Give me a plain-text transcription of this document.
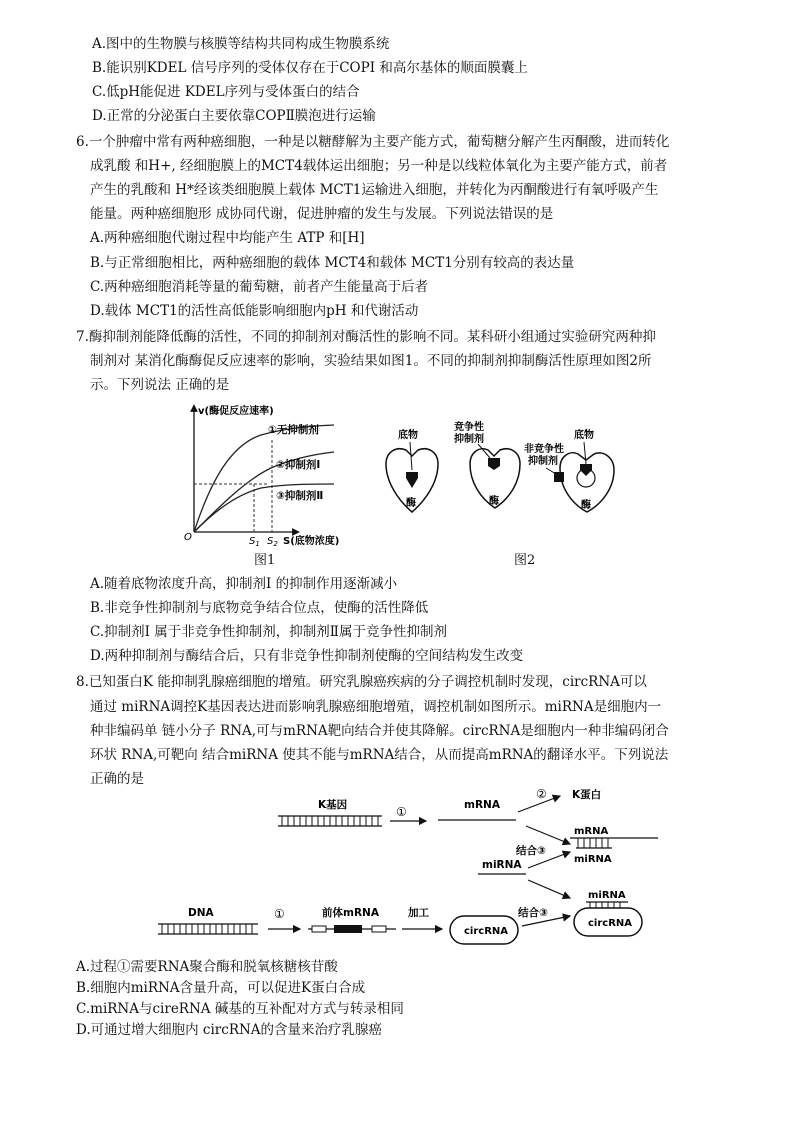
A.图中的生物膜与核膜等结构共同构成生物膜系统
B.能识别KDEL 信号序列的受体仅存在于COPⅠ 和高尔基体的顺面膜囊上
C.低pH能促进 KDEL序列与受体蛋白的结合
D.正常的分泌蛋白主要依靠COPⅡ膜泡进行运输
6.一个肿瘤中常有两种癌细胞，一种是以糖酵解为主要产能方式，葡萄糖分解产生丙酮酸，进而转化
成乳酸 和H+, 经细胞膜上的MCT4载体运出细胞；另一种是以线粒体氧化为主要产能方式，前者
产生的乳酸和 H*经该类细胞膜上载体 MCT1运输进入细胞，并转化为丙酮酸进行有氧呼吸产生
能量。两种癌细胞形 成协同代谢，促进肿瘤的发生与发展。下列说法错误的是
A.两种癌细胞代谢过程中均能产生 ATP 和[H]
B.与正常细胞相比，两种癌细胞的载体 MCT4和载体 MCT1分别有较高的表达量
C.两种癌细胞消耗等量的葡萄糖，前者产生能量高于后者
D.载体 MCT1的活性高低能影响细胞内pH 和代谢活动
7.酶抑制剂能降低酶的活性，不同的抑制剂对酶活性的影响不同。某科研小组通过实验研究两种抑
制剂对 某消化酶酶促反应速率的影响，实验结果如图1。不同的抑制剂抑制酶活性原理如图2所
示。下列说法 正确的是
v(酶促反应速率)
①无抑制剂
②抑制剂Ⅰ
③抑制剂Ⅱ
O	$S_1$ $S_2$ S(底物浓度)
图1
底物
酶
竞争性
抑制剂
酶
非竞争性
抑制剂
底物
酶
图2
A.随着底物浓度升高，抑制剂I 的抑制作用逐渐减小
B.非竞争性抑制剂与底物竞争结合位点，使酶的活性降低
C.抑制剂I 属于非竞争性抑制剂，抑制剂Ⅱ属于竞争性抑制剂
D.两种抑制剂与酶结合后，只有非竞争性抑制剂使酶的空间结构发生改变
8.已知蛋白K 能抑制乳腺癌细胞的增殖。研究乳腺癌疾病的分子调控机制时发现，circRNA可以
通过 miRNA调控K基因表达进而影响乳腺癌细胞增殖，调控机制如图所示。miRNA是细胞内一
种非编码单 链小分子 RNA,可与mRNA靶向结合并使其降解。circRNA是细胞内一种非编码闭合
环状 RNA,可靶向 结合miRNA 使其不能与mRNA结合，从而提高mRNA的翻译水平。下列说法
正确的是
K基因	①	mRNA
② K蛋白
结合③
mRNA
miRNA
miRNA
DNA	①	前体mRNA	加工
circRNA
结合③
miRNA
circRNA
A.过程①需要RNA聚合酶和脱氧核糖核苷酸
B.细胞内miRNA含量升高，可以促进K蛋白合成
C.miRNA与cireRNA 碱基的互补配对方式与转录相同
D.可通过增大细胞内 circRNA的含量来治疗乳腺癌
